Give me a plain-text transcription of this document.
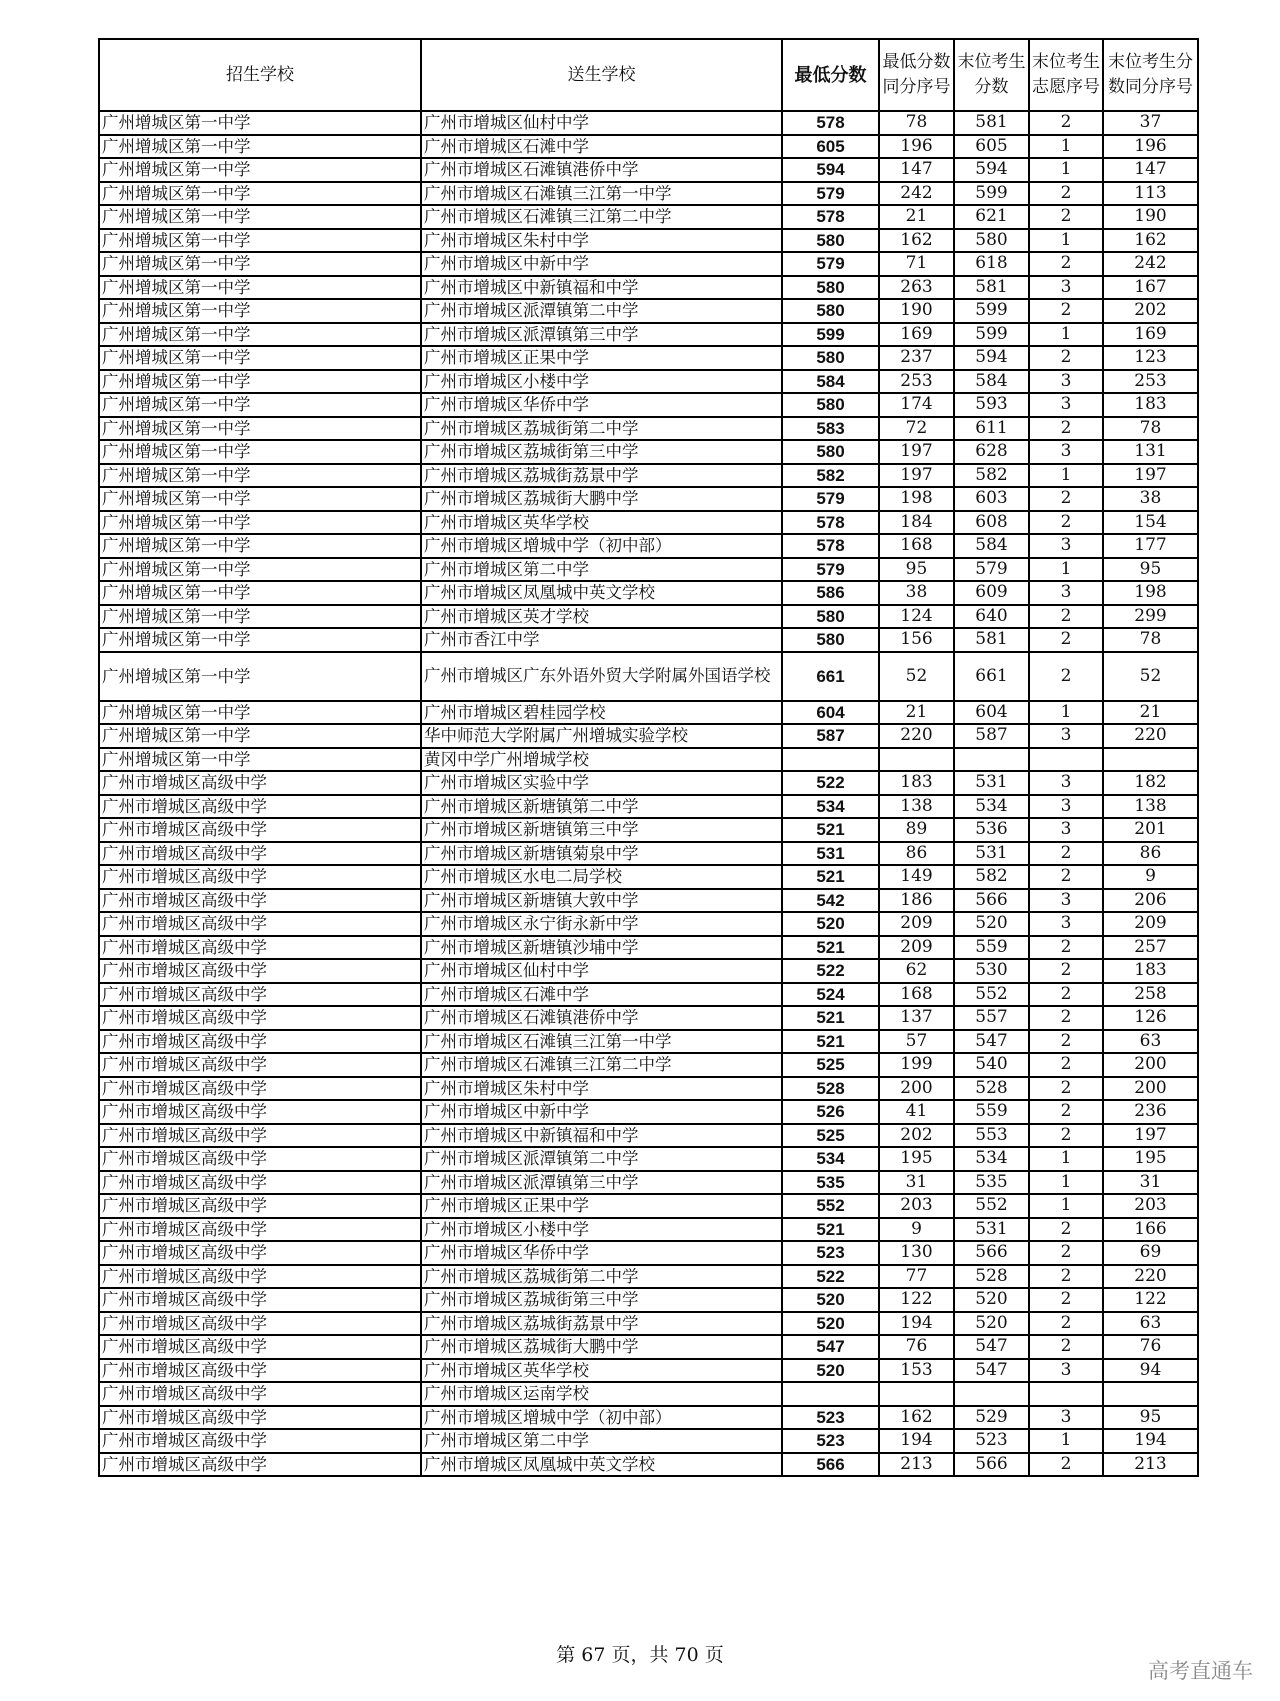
招生学校	送生学校	最低分数	最低分数同分序号	末位考生分数	末位考生志愿序号	末位考生分数同分序号
广州增城区第一中学	广州市增城区仙村中学	578	78	581	2	37
广州增城区第一中学	广州市增城区石滩中学	605	196	605	1	196
广州增城区第一中学	广州市增城区石滩镇港侨中学	594	147	594	1	147
广州增城区第一中学	广州市增城区石滩镇三江第一中学	579	242	599	2	113
广州增城区第一中学	广州市增城区石滩镇三江第二中学	578	21	621	2	190
广州增城区第一中学	广州市增城区朱村中学	580	162	580	1	162
广州增城区第一中学	广州市增城区中新中学	579	71	618	2	242
广州增城区第一中学	广州市增城区中新镇福和中学	580	263	581	3	167
广州增城区第一中学	广州市增城区派潭镇第二中学	580	190	599	2	202
广州增城区第一中学	广州市增城区派潭镇第三中学	599	169	599	1	169
广州增城区第一中学	广州市增城区正果中学	580	237	594	2	123
广州增城区第一中学	广州市增城区小楼中学	584	253	584	3	253
广州增城区第一中学	广州市增城区华侨中学	580	174	593	3	183
广州增城区第一中学	广州市增城区荔城街第二中学	583	72	611	2	78
广州增城区第一中学	广州市增城区荔城街第三中学	580	197	628	3	131
广州增城区第一中学	广州市增城区荔城街荔景中学	582	197	582	1	197
广州增城区第一中学	广州市增城区荔城街大鹏中学	579	198	603	2	38
广州增城区第一中学	广州市增城区英华学校	578	184	608	2	154
广州增城区第一中学	广州市增城区增城中学（初中部）	578	168	584	3	177
广州增城区第一中学	广州市增城区第二中学	579	95	579	1	95
广州增城区第一中学	广州市增城区凤凰城中英文学校	586	38	609	3	198
广州增城区第一中学	广州市增城区英才学校	580	124	640	2	299
广州增城区第一中学	广州市香江中学	580	156	581	2	78
广州增城区第一中学	广州市增城区广东外语外贸大学附属外国语学校	661	52	661	2	52
广州增城区第一中学	广州市增城区碧桂园学校	604	21	604	1	21
广州增城区第一中学	华中师范大学附属广州增城实验学校	587	220	587	3	220
广州增城区第一中学	黄冈中学广州增城学校					
广州市增城区高级中学	广州市增城区实验中学	522	183	531	3	182
广州市增城区高级中学	广州市增城区新塘镇第二中学	534	138	534	3	138
广州市增城区高级中学	广州市增城区新塘镇第三中学	521	89	536	3	201
广州市增城区高级中学	广州市增城区新塘镇菊泉中学	531	86	531	2	86
广州市增城区高级中学	广州市增城区水电二局学校	521	149	582	2	9
广州市增城区高级中学	广州市增城区新塘镇大敦中学	542	186	566	3	206
广州市增城区高级中学	广州市增城区永宁街永新中学	520	209	520	3	209
广州市增城区高级中学	广州市增城区新塘镇沙埔中学	521	209	559	2	257
广州市增城区高级中学	广州市增城区仙村中学	522	62	530	2	183
广州市增城区高级中学	广州市增城区石滩中学	524	168	552	2	258
广州市增城区高级中学	广州市增城区石滩镇港侨中学	521	137	557	2	126
广州市增城区高级中学	广州市增城区石滩镇三江第一中学	521	57	547	2	63
广州市增城区高级中学	广州市增城区石滩镇三江第二中学	525	199	540	2	200
广州市增城区高级中学	广州市增城区朱村中学	528	200	528	2	200
广州市增城区高级中学	广州市增城区中新中学	526	41	559	2	236
广州市增城区高级中学	广州市增城区中新镇福和中学	525	202	553	2	197
广州市增城区高级中学	广州市增城区派潭镇第二中学	534	195	534	1	195
广州市增城区高级中学	广州市增城区派潭镇第三中学	535	31	535	1	31
广州市增城区高级中学	广州市增城区正果中学	552	203	552	1	203
广州市增城区高级中学	广州市增城区小楼中学	521	9	531	2	166
广州市增城区高级中学	广州市增城区华侨中学	523	130	566	2	69
广州市增城区高级中学	广州市增城区荔城街第二中学	522	77	528	2	220
广州市增城区高级中学	广州市增城区荔城街第三中学	520	122	520	2	122
广州市增城区高级中学	广州市增城区荔城街荔景中学	520	194	520	2	63
广州市增城区高级中学	广州市增城区荔城街大鹏中学	547	76	547	2	76
广州市增城区高级中学	广州市增城区英华学校	520	153	547	3	94
广州市增城区高级中学	广州市增城区运南学校					
广州市增城区高级中学	广州市增城区增城中学（初中部）	523	162	529	3	95
广州市增城区高级中学	广州市增城区第二中学	523	194	523	1	194
广州市增城区高级中学	广州市增城区凤凰城中英文学校	566	213	566	2	213
第 67 页，共 70 页
高考直通车
